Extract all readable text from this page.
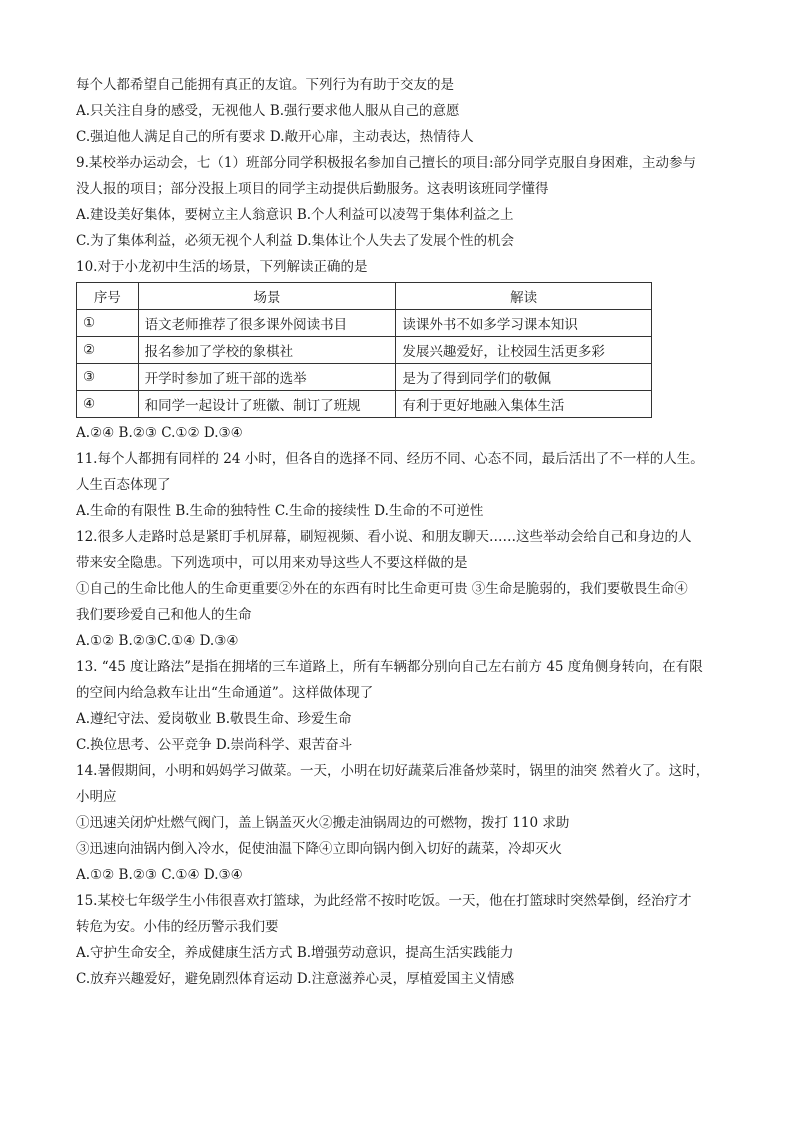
每个人都希望自己能拥有真正的友谊。下列行为有助于交友的是
A.只关注自身的感受，无视他人 B.强行要求他人服从自己的意愿
C.强迫他人满足自己的所有要求 D.敞开心扉，主动表达，热情待人
9.某校举办运动会，七（1）班部分同学积极报名参加自己擅长的项目:部分同学克服自身困难，主动参与
没人报的项目；部分没报上项目的同学主动提供后勤服务。这表明该班同学懂得
A.建设美好集体，要树立主人翁意识 B.个人利益可以凌驾于集体利益之上
C.为了集体利益，必须无视个人利益 D.集体让个人失去了发展个性的机会
10.对于小龙初中生活的场景，下列解读正确的是
序号	场景	解读
①	语文老师推荐了很多课外阅读书目	读课外书不如多学习课本知识
②	报名参加了学校的象棋社	发展兴趣爱好，让校园生活更多彩
③	开学时参加了班干部的选举	是为了得到同学们的敬佩
④	和同学一起设计了班徽、制订了班规	有利于更好地融入集体生活
A.②④ B.②③ C.①② D.③④
11.每个人都拥有同样的 24 小时，但各自的选择不同、经历不同、心态不同，最后活出了不一样的人生。
人生百态体现了
A.生命的有限性 B.生命的独特性 C.生命的接续性 D.生命的不可逆性
12.很多人走路时总是紧盯手机屏幕，刷短视频、看小说、和朋友聊天……这些举动会给自己和身边的人
带来安全隐患。下列选项中，可以用来劝导这些人不要这样做的是
①自己的生命比他人的生命更重要②外在的东西有时比生命更可贵 ③生命是脆弱的，我们要敬畏生命④
我们要珍爱自己和他人的生命
A.①② B.②③C.①④ D.③④
13. “45 度让路法”是指在拥堵的三车道路上，所有车辆都分别向自己左右前方 45 度角侧身转向，在有限
的空间内给急救车让出“生命通道”。这样做体现了
A.遵纪守法、爱岗敬业 B.敬畏生命、珍爱生命
C.换位思考、公平竞争 D.崇尚科学、艰苦奋斗
14.暑假期间，小明和妈妈学习做菜。一天，小明在切好蔬菜后准备炒菜时，锅里的油突 然着火了。这时，
小明应
①迅速关闭炉灶燃气阀门，盖上锅盖灭火②搬走油锅周边的可燃物，拨打 110 求助
③迅速向油锅内倒入冷水，促使油温下降④立即向锅内倒入切好的蔬菜，冷却灭火
A.①② B.②③ C.①④ D.③④
15.某校七年级学生小伟很喜欢打篮球，为此经常不按时吃饭。一天，他在打篮球时突然晕倒，经治疗才
转危为安。小伟的经历警示我们要
A.守护生命安全，养成健康生活方式 B.增强劳动意识，提高生活实践能力
C.放弃兴趣爱好，避免剧烈体育运动 D.注意滋养心灵，厚植爱国主义情感
